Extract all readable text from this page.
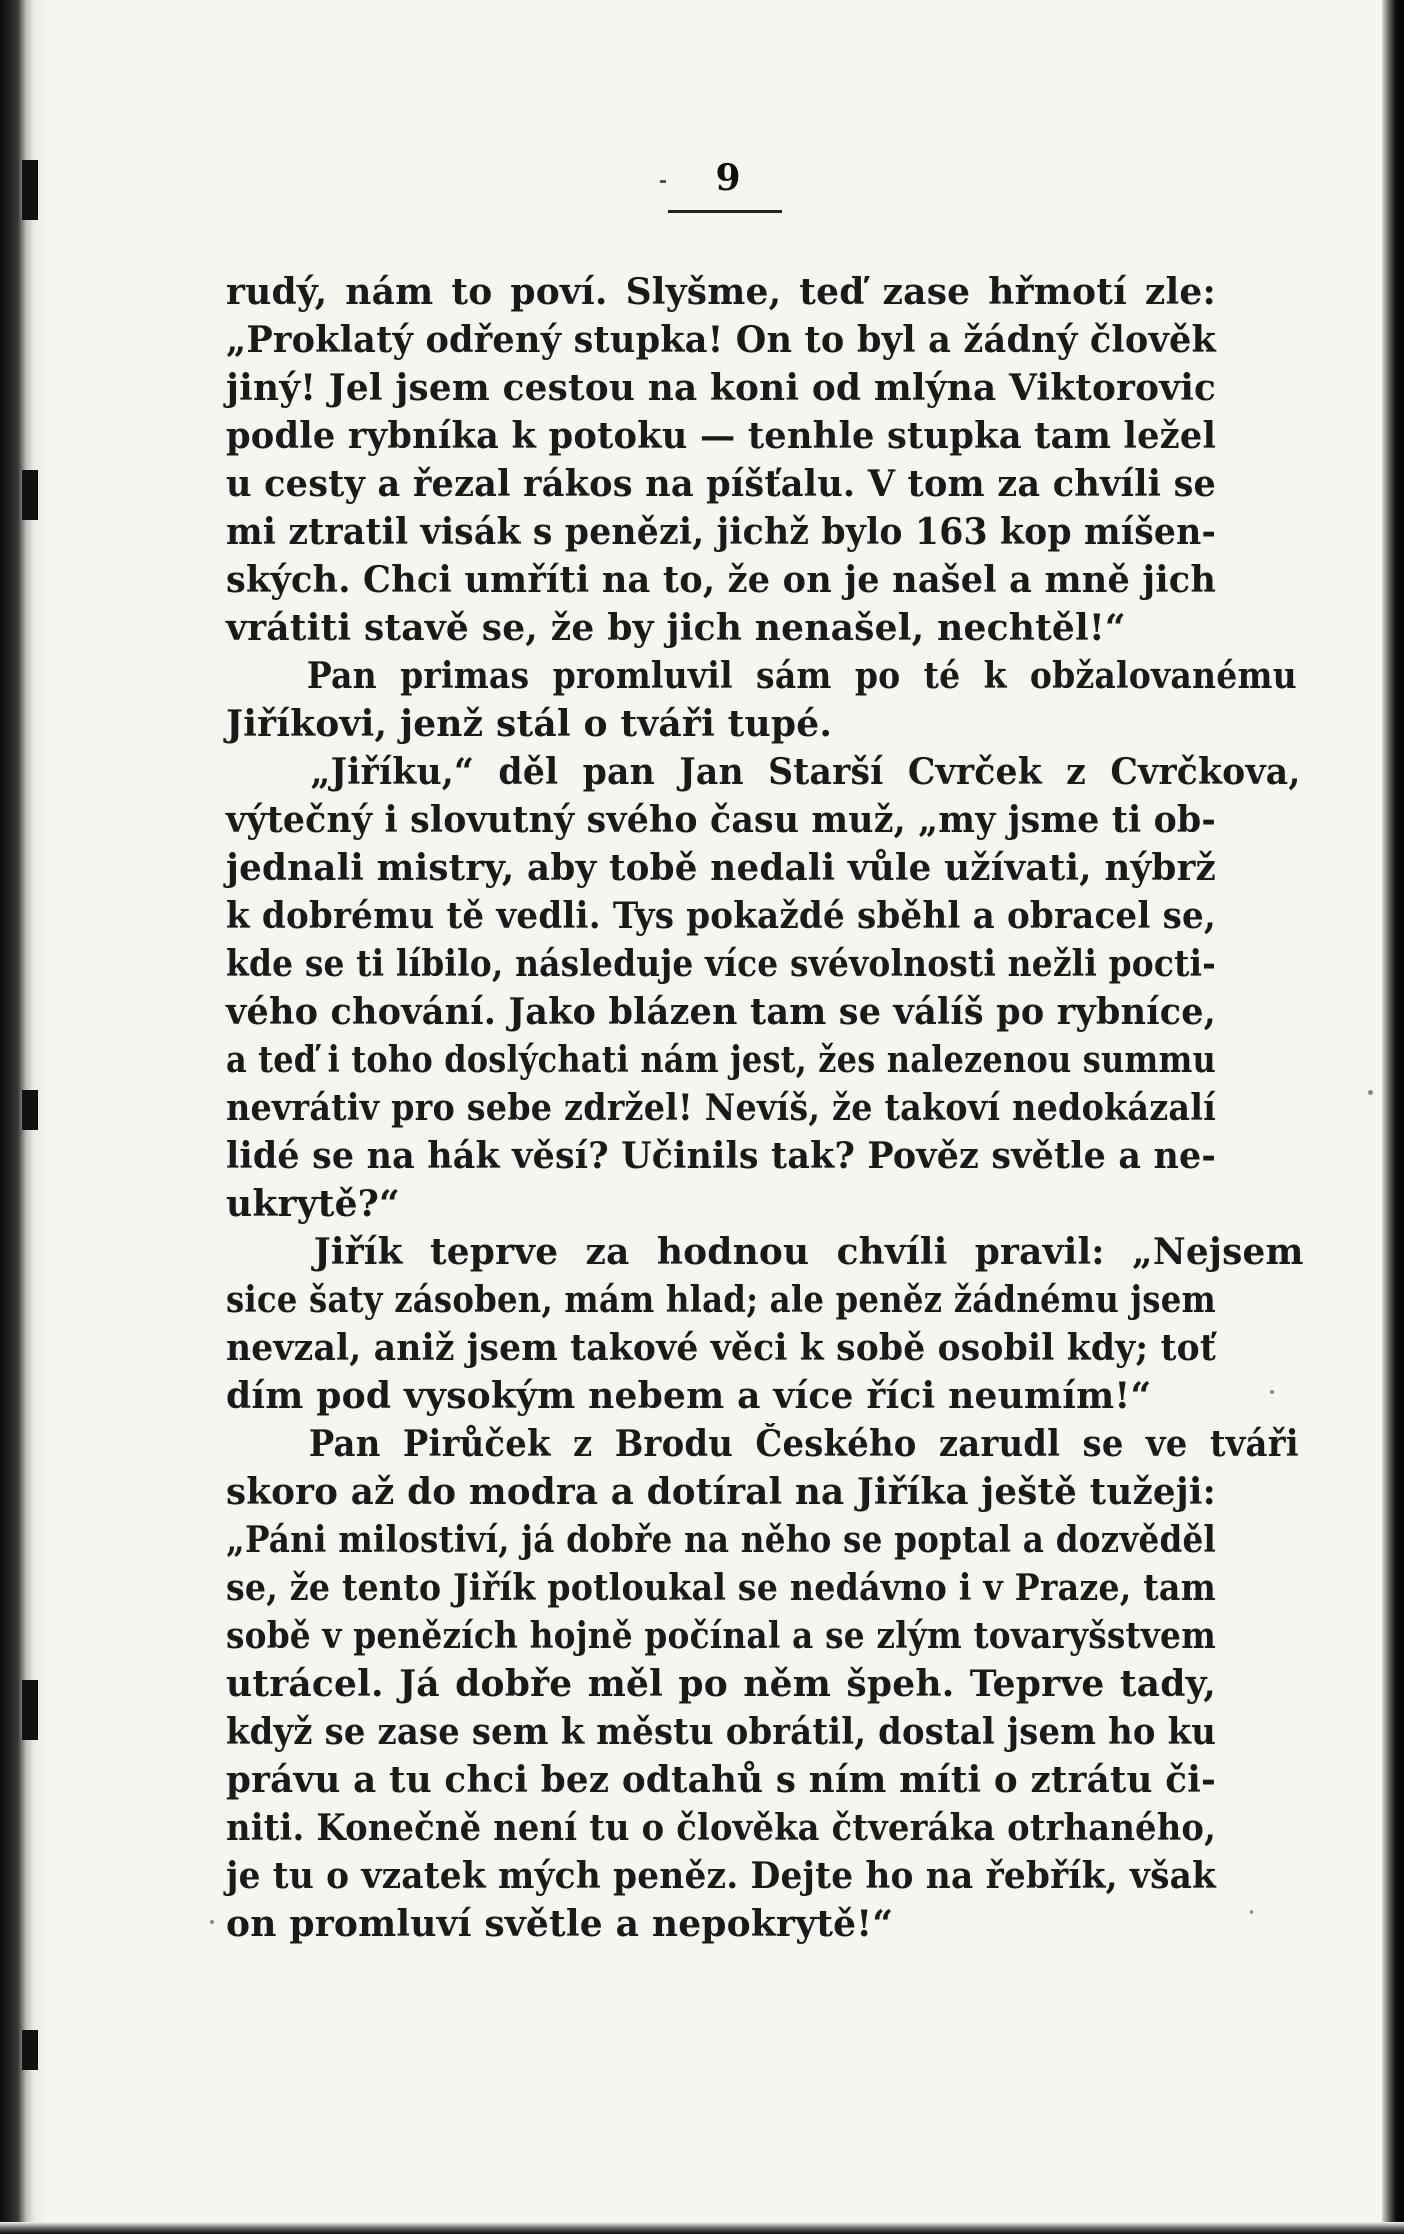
9
rudý, nám to poví. Slyšme, teď zase hřmotí zle:
„Proklatý odřený stupka! On to byl a žádný člověk
jiný! Jel jsem cestou na koni od mlýna Viktorovic
podle rybníka k potoku — tenhle stupka tam ležel
u cesty a řezal rákos na píšťalu. V tom za chvíli se
mi ztratil visák s penězi, jichž bylo 163 kop míšen-
ských. Chci umříti na to, že on je našel a mně jich
vrátiti stavě se, že by jich nenašel, nechtěl!“
Pan primas promluvil sám po té k obžalovanému
Jiříkovi, jenž stál o tváři tupé.
„Jiříku,“ děl pan Jan Starší Cvrček z Cvrčkova,
výtečný i slovutný svého času muž, „my jsme ti ob-
jednali mistry, aby tobě nedali vůle užívati, nýbrž
k dobrému tě vedli. Tys pokaždé sběhl a obracel se,
kde se ti líbilo, následuje více svévolnosti nežli pocti-
vého chování. Jako blázen tam se válíš po rybníce,
a teď i toho doslýchati nám jest, žes nalezenou summu
nevrátiv pro sebe zdržel! Nevíš, že takoví nedokázalí
lidé se na hák věsí? Učinils tak? Pověz světle a ne-
ukrytě?“
Jiřík teprve za hodnou chvíli pravil: „Nejsem
sice šaty zásoben, mám hlad; ale peněz žádnému jsem
nevzal, aniž jsem takové věci k sobě osobil kdy; toť
dím pod vysokým nebem a více říci neumím!“
Pan Pirůček z Brodu Českého zarudl se ve tváři
skoro až do modra a dotíral na Jiříka ještě tužeji:
„Páni milostiví, já dobře na něho se poptal a dozvěděl
se, že tento Jiřík potloukal se nedávno i v Praze, tam
sobě v penězích hojně počínal a se zlým tovaryšstvem
utrácel. Já dobře měl po něm špeh. Teprve tady,
když se zase sem k městu obrátil, dostal jsem ho ku
právu a tu chci bez odtahů s ním míti o ztrátu či-
niti. Konečně není tu o člověka čtveráka otrhaného,
je tu o vzatek mých peněz. Dejte ho na řebřík, však
on promluví světle a nepokrytě!“
